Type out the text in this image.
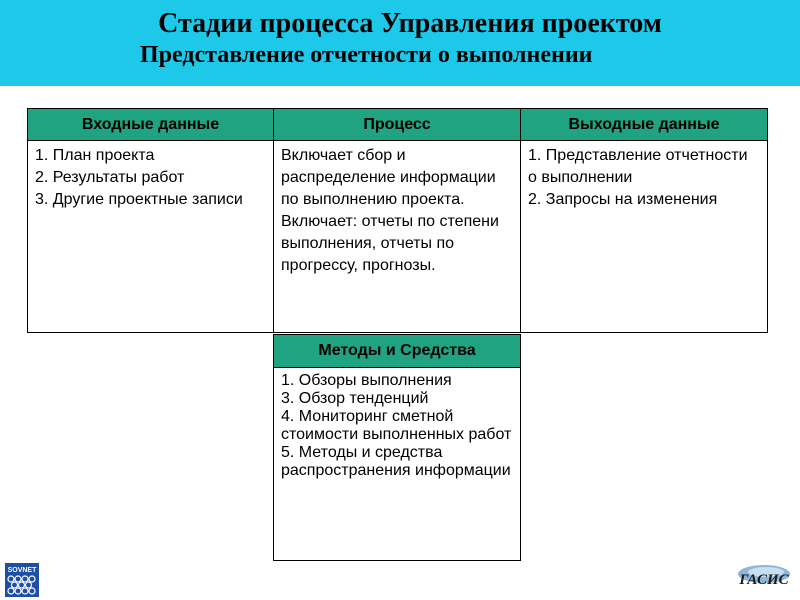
Стадии процесса Управления проектом
Представление отчетности о выполнении
Входные данные	Процесс	Выходные данные
1. План проекта
2. Результаты работ
3. Другие проектные записи
Включает сбор и распределение информации по выполнению проекта. Включает: отчеты по степени выполнения, отчеты по прогрессу, прогнозы.
1. Представление отчетности о выполнении
2. Запросы на изменения
Методы и Средства
1. Обзоры выполнения
3. Обзор тенденций
4. Мониторинг сметной стоимости выполненных работ
5. Методы и средства распространения информации
SOVNET
ГАСИС
